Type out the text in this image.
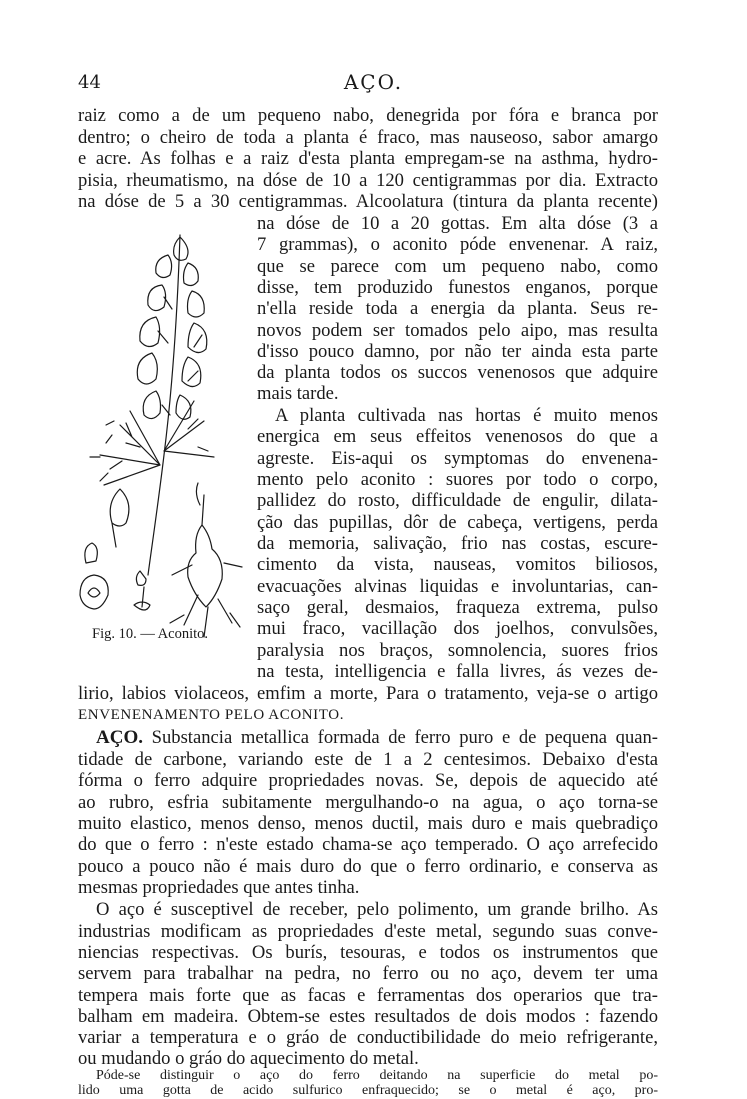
44	AÇO.
raiz como a de um pequeno nabo, denegrida por fóra e branca por
dentro; o cheiro de toda a planta é fraco, mas nauseoso, sabor amargo
e acre. As folhas e a raiz d'esta planta empregam-se na asthma, hydro-
pisia, rheumatismo, na dóse de 10 a 120 centigrammas por dia. Extracto
na dóse de 5 a 30 centigrammas. Alcoolatura (tintura da planta recente)
Fig. 10. — Aconito.
na dóse de 10 a 20 gottas. Em alta dóse (3 a
7 grammas), o aconito póde envenenar. A raiz,
que se parece com um pequeno nabo, como
disse, tem produzido funestos enganos, porque
n'ella reside toda a energia da planta. Seus re-
novos podem ser tomados pelo aipo, mas resulta
d'isso pouco damno, por não ter ainda esta parte
da planta todos os succos venenosos que adquire
mais tarde.
A planta cultivada nas hortas é muito menos
energica em seus effeitos venenosos do que a
agreste. Eis-aqui os symptomas do envenena-
mento pelo aconito : suores por todo o corpo,
pallidez do rosto, difficuldade de engulir, dilata-
ção das pupillas, dôr de cabeça, vertigens, perda
da memoria, salivação, frio nas costas, escure-
cimento da vista, nauseas, vomitos biliosos,
evacuações alvinas liquidas e involuntarias, can-
saço geral, desmaios, fraqueza extrema, pulso
mui fraco, vacillação dos joelhos, convulsões,
paralysia nos braços, somnolencia, suores frios
na testa, intelligencia e falla livres, ás vezes de-
lirio, labios violaceos, emfim a morte, Para o tratamento, veja-se o artigo
ENVENENAMENTO PELO ACONITO.
AÇO. Substancia metallica formada de ferro puro e de pequena quan-
tidade de carbone, variando este de 1 a 2 centesimos. Debaixo d'esta
fórma o ferro adquire propriedades novas. Se, depois de aquecido até
ao rubro, esfria subitamente mergulhando-o na agua, o aço torna-se
muito elastico, menos denso, menos ductil, mais duro e mais quebradiço
do que o ferro : n'este estado chama-se aço temperado. O aço arrefecido
pouco a pouco não é mais duro do que o ferro ordinario, e conserva as
mesmas propriedades que antes tinha.
O aço é susceptivel de receber, pelo polimento, um grande brilho. As
industrias modificam as propriedades d'este metal, segundo suas conve-
niencias respectivas. Os burís, tesouras, e todos os instrumentos que
servem para trabalhar na pedra, no ferro ou no aço, devem ter uma
tempera mais forte que as facas e ferramentas dos operarios que tra-
balham em madeira. Obtem-se estes resultados de dois modos : fazendo
variar a temperatura e o gráo de conductibilidade do meio refrigerante,
ou mudando o gráo do aquecimento do metal.
Póde-se distinguir o aço do ferro deitando na superficie do metal po-
lido uma gotta de acido sulfurico enfraquecido; se o metal é aço, pro-
